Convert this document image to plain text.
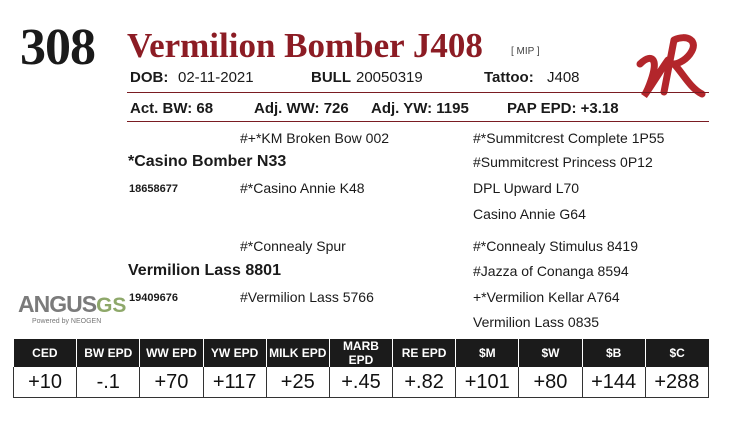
308 Vermilion Bomber J408	[ MIP ]
DOB: 02-11-2021	BULL 20050319	Tattoo: J408
Act. BW: 68	Adj. WW: 726 Adj. YW: 1195	PAP EPD: +3.18
#+*KM Broken Bow 002	#*Summitcrest Complete 1P55
*Casino Bomber N33	#Summitcrest Princess 0P12
18658677	#*Casino Annie K48	DPL Upward L70
Casino Annie G64
#*Connealy Spur	#*Connealy Stimulus 8419
Vermilion Lass 8801	#Jazza of Conanga 8594
19409676	#Vermilion Lass 5766	+*Vermilion Kellar A764
Vermilion Lass 0835
ANGUSGS
Powered by NEOGEN
CED	BW EPD	WW EPD	YW EPD	MILK EPD	MARB EPD	RE EPD	$M	$W	$B	$C
+10	-.1	+70	+117	+25	+.45	+.82	+101	+80	+144	+288
